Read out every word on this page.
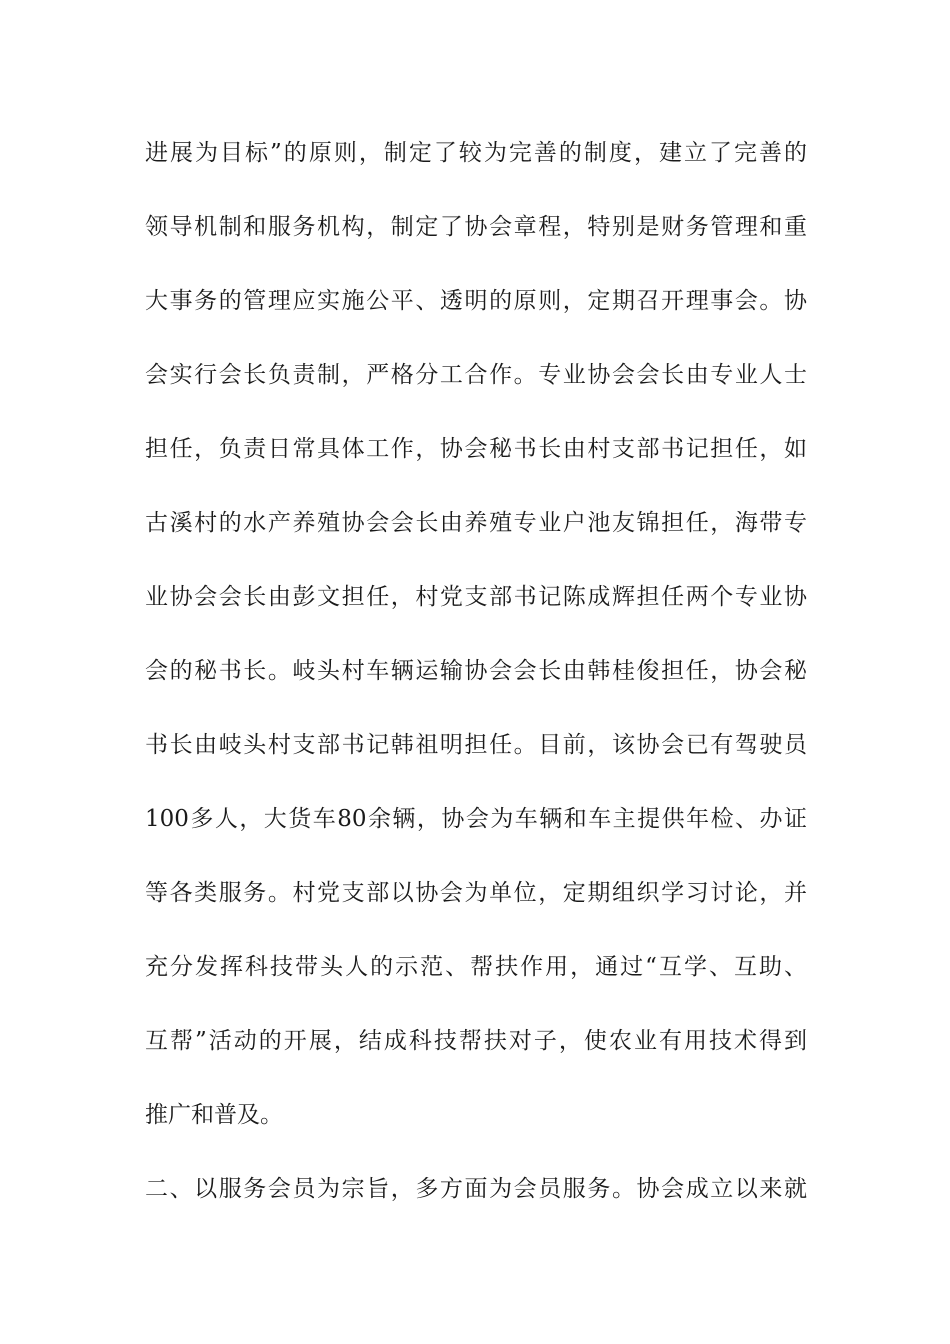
进展为目标”的原则，制定了较为完善的制度，建立了完善的
领导机制和服务机构，制定了协会章程，特别是财务管理和重
大事务的管理应实施公平、透明的原则，定期召开理事会。协
会实行会长负责制，严格分工合作。专业协会会长由专业人士
担任，负责日常具体工作，协会秘书长由村支部书记担任，如
古溪村的水产养殖协会会长由养殖专业户池友锦担任，海带专
业协会会长由彭文担任，村党支部书记陈成辉担任两个专业协
会的秘书长。岐头村车辆运输协会会长由韩桂俊担任，协会秘
书长由岐头村支部书记韩祖明担任。目前，该协会已有驾驶员
100多人，大货车80余辆，协会为车辆和车主提供年检、办证
等各类服务。村党支部以协会为单位，定期组织学习讨论，并
充分发挥科技带头人的示范、帮扶作用，通过“互学、互助、
互帮”活动的开展，结成科技帮扶对子，使农业有用技术得到
推广和普及。
二、以服务会员为宗旨，多方面为会员服务。协会成立以来就
